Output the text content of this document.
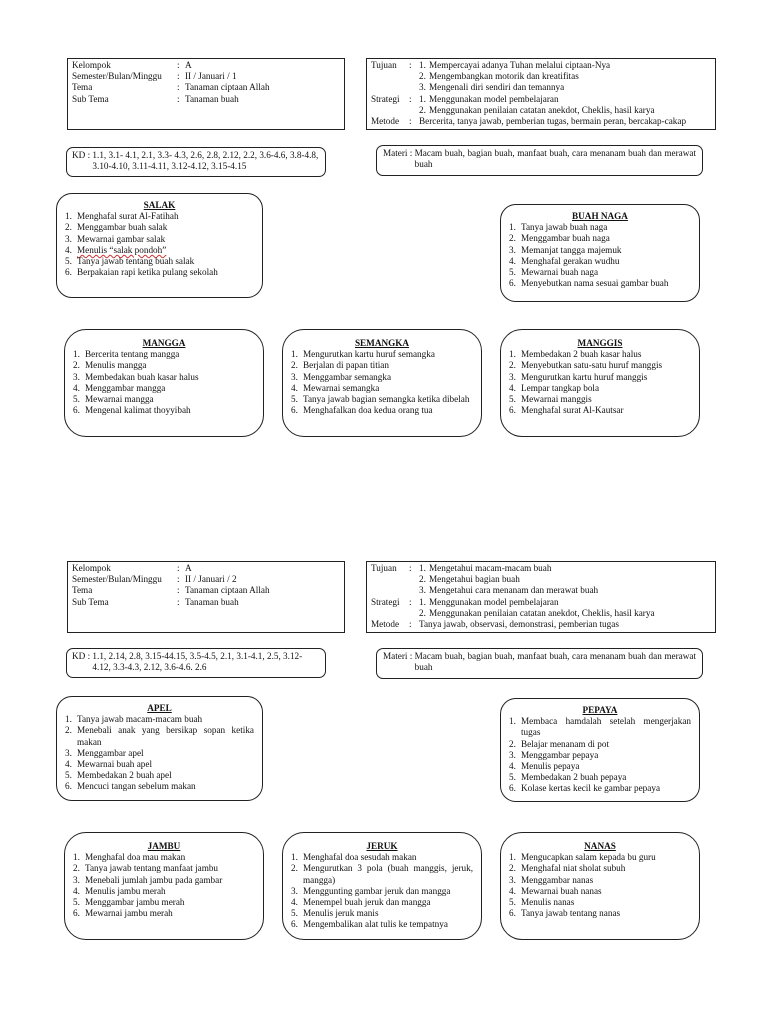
Kelompok	: A
Semester/Bulan/Minggu	: II / Januari / 1
Tema	: Tanaman ciptaan Allah
Sub Tema	: Tanaman buah
Tujuan	: 1. Mempercayai adanya Tuhan melalui ciptaan-Nya
2. Mengembangkan motorik dan kreatifitas
3. Mengenali diri sendiri dan temannya
Strategi	: 1. Menggunakan model pembelajaran
2. Menggunakan penilaian catatan anekdot, Cheklis, hasil karya
Metode	: Bercerita, tanya jawab, pemberian tugas, bermain peran, bercakap-cakap
KD : 1.1, 3.1- 4.1, 2.1, 3.3- 4.3, 2.6, 2.8, 2.12, 2.2, 3.6-4.6, 3.8-4.8, 3.10-4.10, 3.11-4.11, 3.12-4.12, 3.15-4.15
Materi : Macam buah, bagian buah, manfaat buah, cara menanam buah dan merawat buah
SALAK
1. Menghafal surat Al-Fatihah
2. Menggambar buah salak
3. Mewarnai gambar salak
4. Menulis “salak pondoh”
5. Tanya jawab tentang buah salak
6. Berpakaian rapi ketika pulang sekolah
BUAH NAGA
1. Tanya jawab buah naga
2. Menggambar buah naga
3. Memanjat tangga majemuk
4. Menghafal gerakan wudhu
5. Mewarnai buah naga
6. Menyebutkan nama sesuai gambar buah
MANGGA
1. Bercerita tentang mangga
2. Menulis mangga
3. Membedakan buah kasar halus
4. Menggambar mangga
5. Mewarnai mangga
6. Mengenal kalimat thoyyibah
SEMANGKA
1. Mengurutkan kartu huruf semangka
2. Berjalan di papan titian
3. Menggambar semangka
4. Mewarnai semangka
5. Tanya jawab bagian semangka ketika dibelah
6. Menghafalkan doa kedua orang tua
MANGGIS
1. Membedakan 2 buah kasar halus
2. Menyebutkan satu-satu huruf manggis
3. Mengurutkan kartu huruf manggis
4. Lempar tangkap bola
5. Mewarnai manggis
6. Menghafal surat Al-Kautsar
Kelompok	: A
Semester/Bulan/Minggu	: II / Januari / 2
Tema	: Tanaman ciptaan Allah
Sub Tema	: Tanaman buah
Tujuan	: 1. Mengetahui macam-macam buah
2. Mengetahui bagian buah
3. Mengetahui cara menanam dan merawat buah
Strategi	: 1. Menggunakan model pembelajaran
2. Menggunakan penilaian catatan anekdot, Cheklis, hasil karya
Metode	: Tanya jawab, observasi, demonstrasi, pemberian tugas
KD : 1.1, 2.14, 2.8, 3.15-44.15, 3.5-4.5, 2.1, 3.1-4.1, 2.5, 3.12-4.12, 3.3-4.3, 2.12, 3.6-4.6. 2.6
Materi : Macam buah, bagian buah, manfaat buah, cara menanam buah dan merawat buah
APEL
1. Tanya jawab macam-macam buah
2. Menebali anak yang bersikap sopan ketika makan
3. Menggambar apel
4. Mewarnai buah apel
5. Membedakan 2 buah apel
6. Mencuci tangan sebelum makan
PEPAYA
1. Membaca hamdalah setelah mengerjakan tugas
2. Belajar menanam di pot
3. Menggambar pepaya
4. Menulis pepaya
5. Membedakan 2 buah pepaya
6. Kolase kertas kecil ke gambar pepaya
JAMBU
1. Menghafal doa mau makan
2. Tanya jawab tentang manfaat jambu
3. Menebali jumlah jambu pada gambar
4. Menulis jambu merah
5. Menggambar jambu merah
6. Mewarnai jambu merah
JERUK
1. Menghafal doa sesudah makan
2. Mengurutkan 3 pola (buah manggis, jeruk, mangga)
3. Menggunting gambar jeruk dan mangga
4. Menempel buah jeruk dan mangga
5. Menulis jeruk manis
6. Mengembalikan alat tulis ke tempatnya
NANAS
1. Mengucapkan salam kepada bu guru
2. Menghafal niat sholat subuh
3. Menggambar nanas
4. Mewarnai buah nanas
5. Menulis nanas
6. Tanya jawab tentang nanas
